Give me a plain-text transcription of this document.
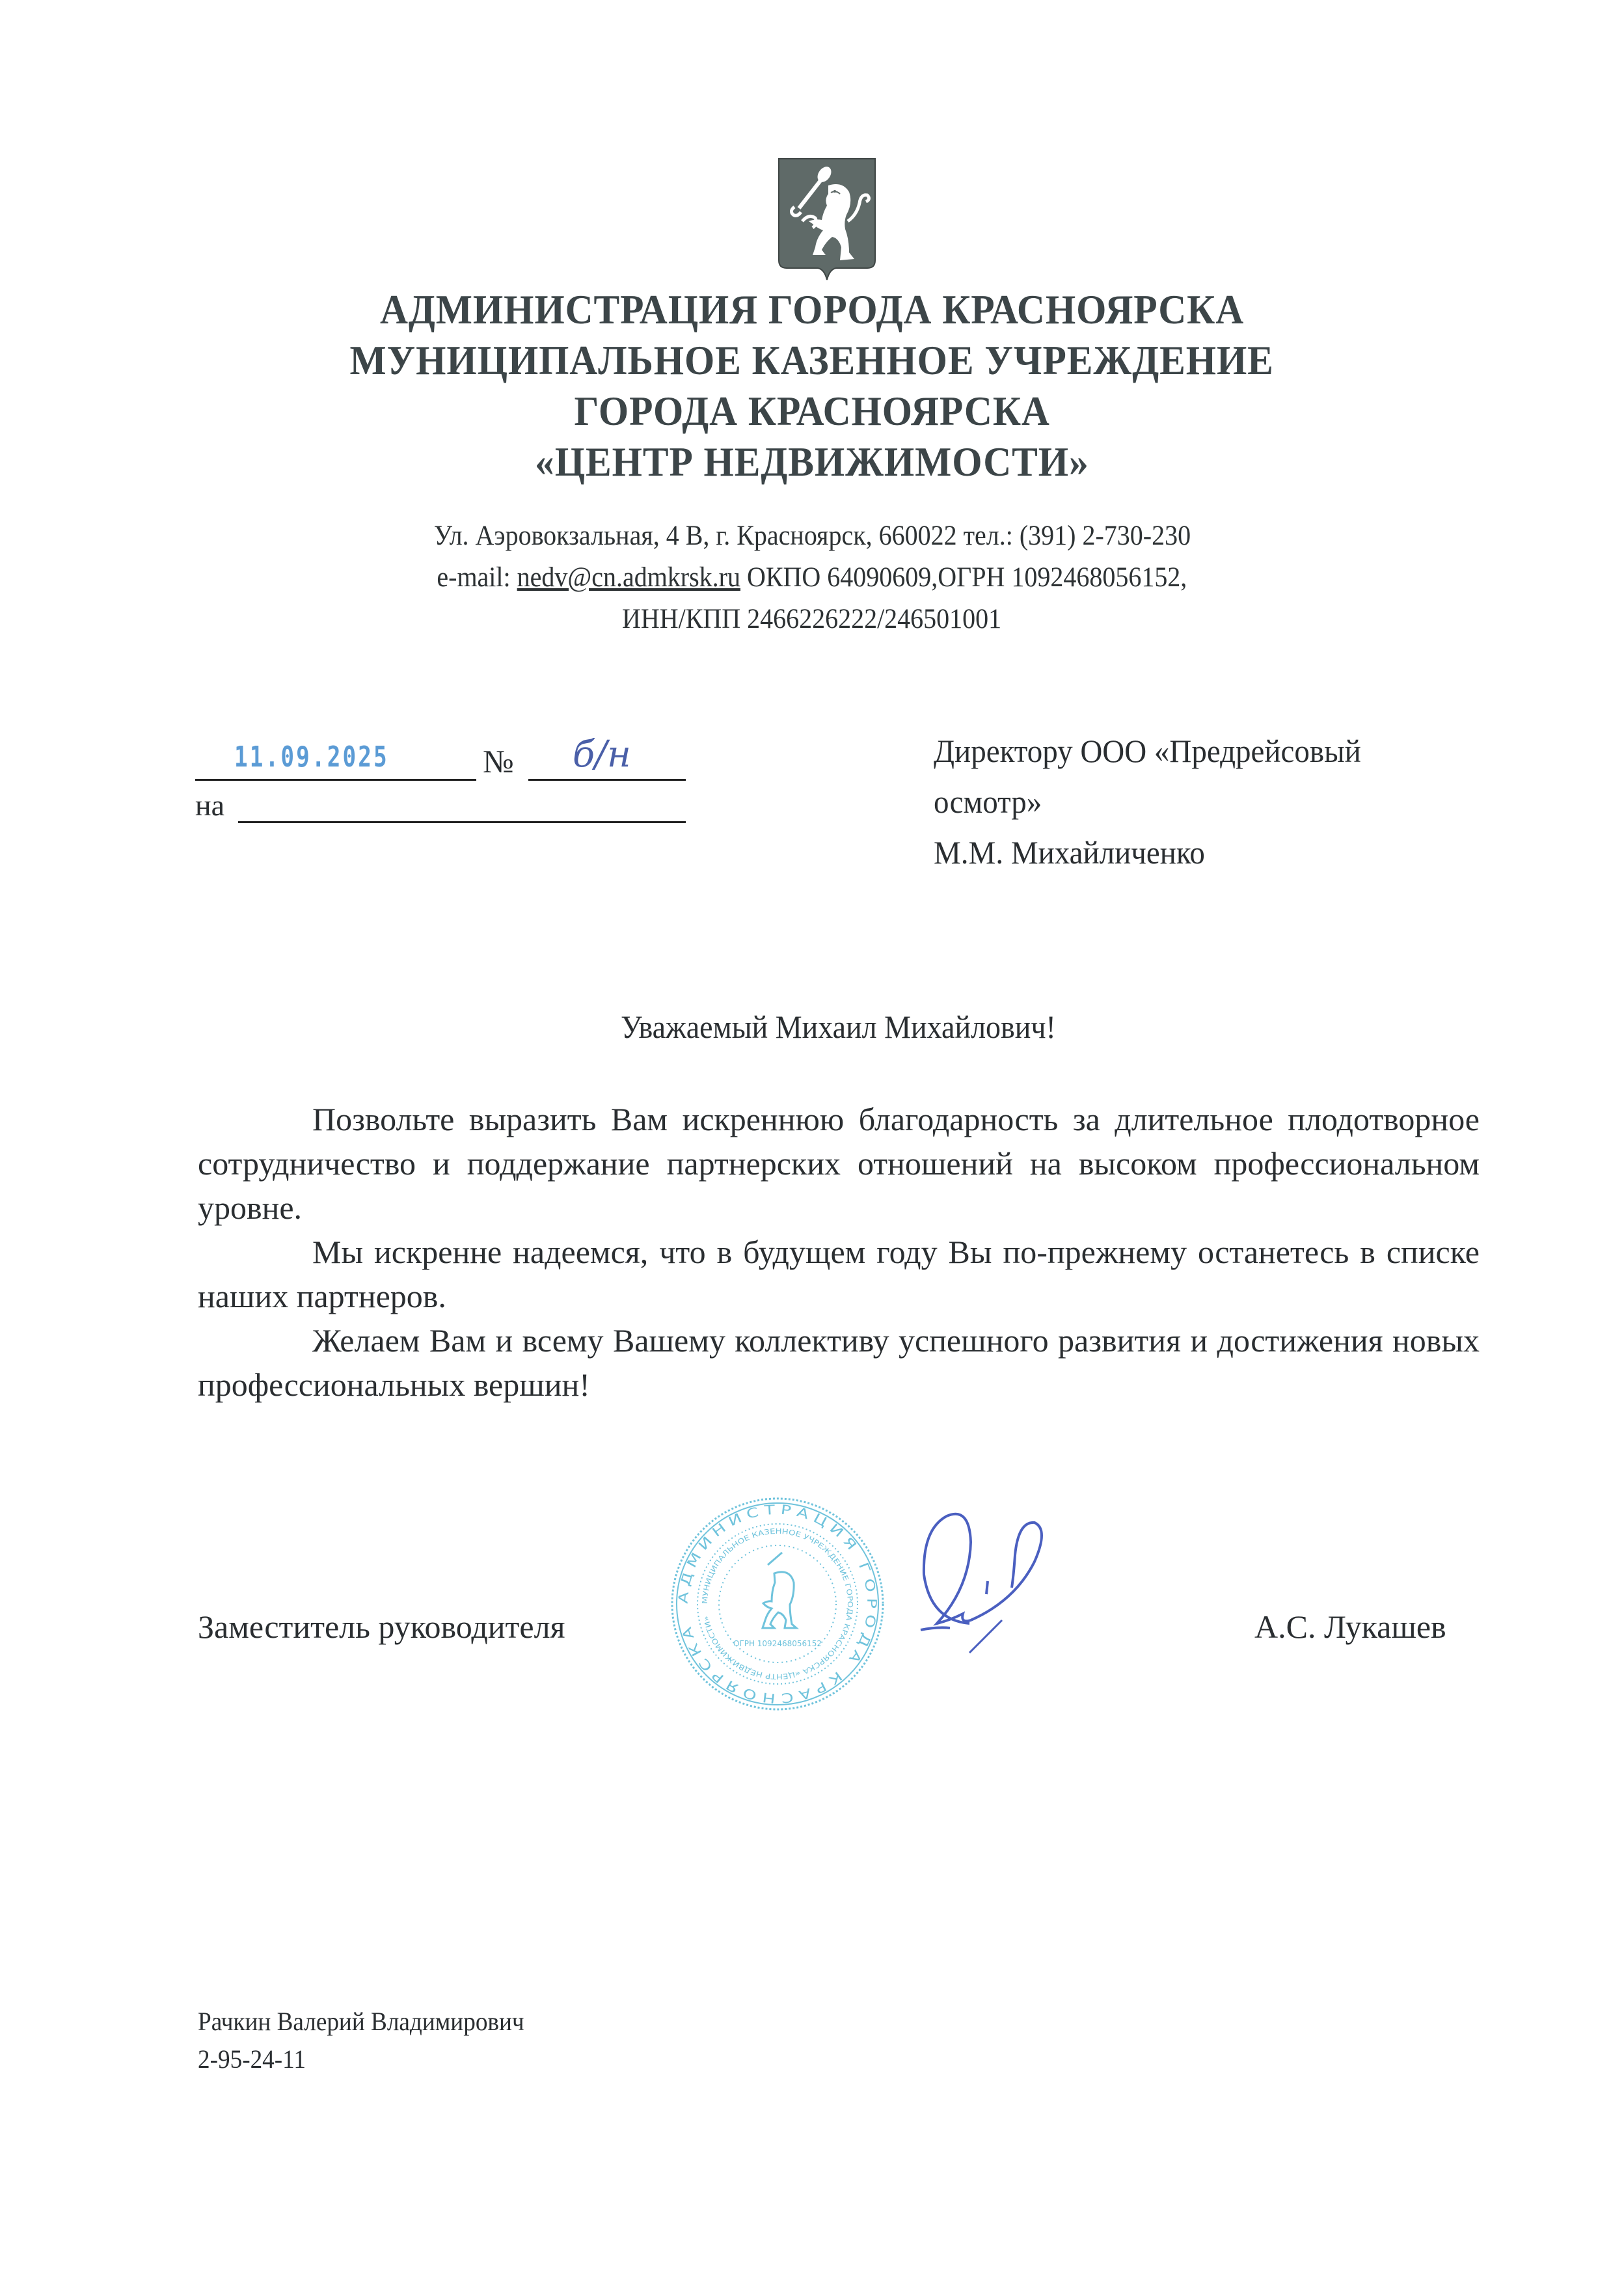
АДМИНИСТРАЦИЯ ГОРОДА КРАСНОЯРСКА
МУНИЦИПАЛЬНОЕ КАЗЕННОЕ УЧРЕЖДЕНИЕ
ГОРОДА КРАСНОЯРСКА
«ЦЕНТР НЕДВИЖИМОСТИ»
Ул. Аэровокзальная, 4 В, г. Красноярск, 660022 тел.: (391) 2-730-230
e-mail: nedv@cn.admkrsk.ru ОКПО 64090609,ОГРН 1092468056152,
ИНН/КПП 2466226222/246501001
11.09.2025	№ б/н
на
Директору ООО «Предрейсовый
осмотр»
М.М. Михайличенко
Уважаемый Михаил Михайлович!

Позвольте выразить Вам искреннюю благодарность за длительное плодотворное сотрудничество и поддержание партнерских отношений на высоком профессиональном уровне.

Мы искренне надеемся, что в будущем году Вы по-прежнему останетесь в списке наших партнеров.

Желаем Вам и всему Вашему коллективу успешного развития и достижения новых профессиональных вершин!

АДМИНИСТРАЦИЯ ГОРОДА КРАСНОЯРСКА
МУНИЦИПАЛЬНОЕ КАЗЕННОЕ УЧРЕЖДЕНИЕ ГОРОДА КРАСНОЯРСКА «ЦЕНТР НЕДВИЖИМОСТИ»
ОГРН 1092468056152
Заместитель руководителя	А.С. Лукашев
Рачкин Валерий Владимирович
2-95-24-11
